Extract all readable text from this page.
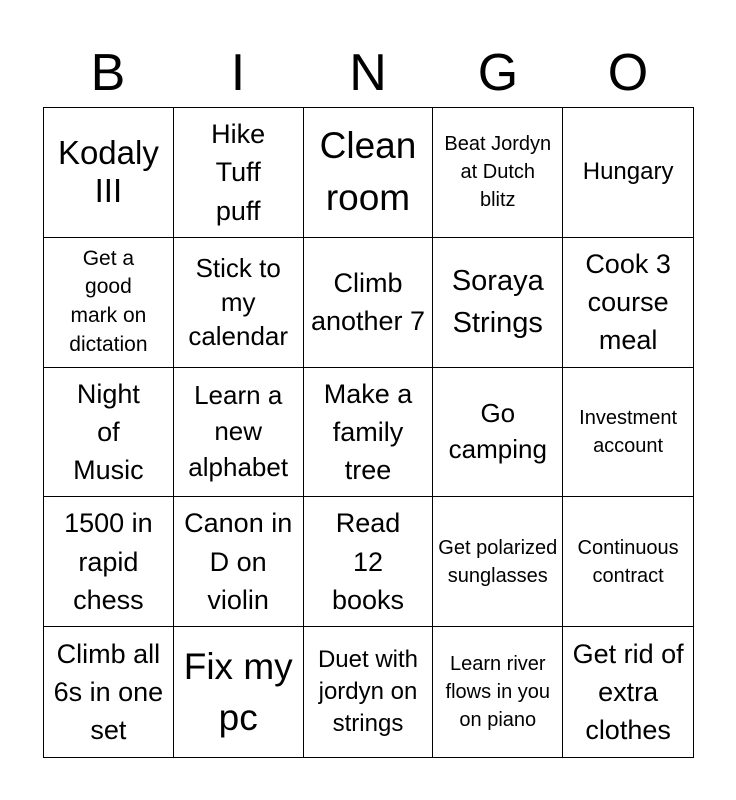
B	I	N	G	O
Kodaly III
Hike Tuff puff
Clean room
Beat Jordyn at Dutch blitz
Hungary
Get a good mark on dictation
Stick to my calendar
Climb another 7
Soraya Strings
Cook 3 course meal
Night of Music
Learn a new alphabet
Make a family tree
Go camping
Investment account
1500 in rapid chess
Canon in D on violin
Read 12 books
Get polarized sunglasses
Continuous contract
Climb all 6s in one set
Fix my pc
Duet with jordyn on strings
Learn river flows in you on piano
Get rid of extra clothes
